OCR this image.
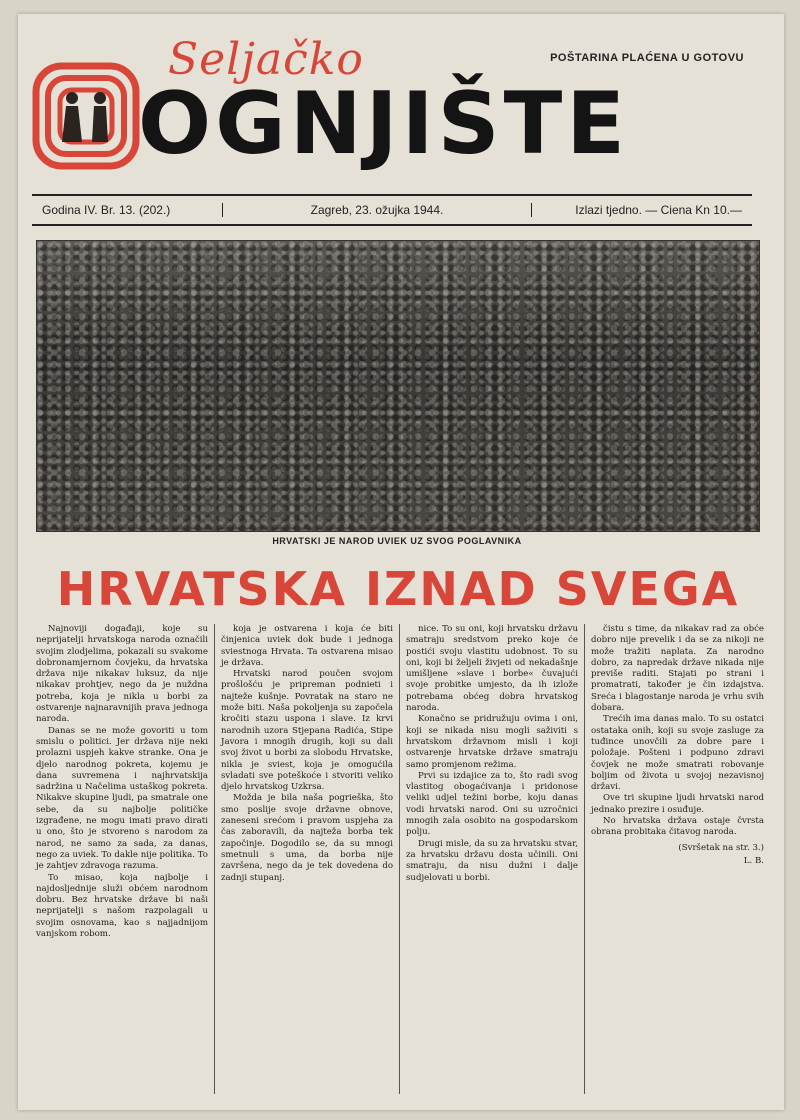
Seljačko	POŠTARINA PLAĆENA U GOTOVU
OGNJIŠTE
Godina IV. Br. 13. (202.)	Zagreb, 23. ožujka 1944.	Izlazi tjedno. — Ciena Kn 10.—
HRVATSKI JE NAROD UVIEK UZ SVOG POGLAVNIKA
HRVATSKA IZNAD SVEGA

Najnoviji događaji, koje su neprijatelji hrvatskoga naroda označili svojim zlodjelima, pokazali su svakome dobronamjernom čovjeku, da hrvatska država nije nikakav luksuz, da nije nikakav prohtjev, nego da je nuždna potreba, koja je nikla u borbi za ostvarenje najnaravnijih prava jednoga naroda.

Danas se ne može govoriti u tom smislu o politici. Jer država nije neki prolazni uspjeh kakve stranke. Ona je djelo narodnog pokreta, kojemu je dana suvremena i najhrvatskija sadržina u Načelima ustaškog pokreta. Nikakve skupine ljudi, pa smatrale one sebe, da su najbolje političke izgrađene, ne mogu imati pravo dirati u ono, što je stvoreno s narodom za narod, ne samo za sada, za danas, nego za uviek. To dakle nije politika. To je zahtjev zdravoga razuma.

To misao, koja najbolje i najdosljednije služi obćem narodnom dobru. Bez hrvatske države bi naši neprijatelji s našom razpolagali u svojim osnovama, kao s najjadnijom vanjskom robom.

koja je ostvarena i koja će biti činjenica uviek dok bude i jednoga sviestnoga Hrvata. Ta ostvarena misao je država.

Hrvatski narod poučen svojom prošlošću je pripreman podnieti i najteže kušnje. Povratak na staro ne može biti. Naša pokoljenja su započela kročiti stazu uspona i slave. Iz krvi narodnih uzora Stjepana Radića, Stipe Javora i mnogih drugih, koji su dali svoj život u borbi za slobodu Hrvatske, nikla je sviest, koja je omogućila svladati sve poteškoće i stvoriti veliko djelo hrvatskog Uzkrsa.

Možda je bila naša pogrieška, što smo poslije svoje državne obnove, zaneseni srećom i pravom uspjeha za čas zaboravili, da najteža borba tek započinje. Dogodilo se, da su mnogi smetnuli s uma, da borba nije završena, nego da je tek dovedena do zadnji stupanj.

nice. To su oni, koji hrvatsku državu smatraju sredstvom preko koje će postići svoju vlastitu udobnost. To su oni, koji bi željeli živjeti od nekadašnje umišljene »slave i borbe« čuvajući svoje probitke umjesto, da ih izlože potrebama obćeg dobra hrvatskog naroda.

Konačno se pridružuju ovima i oni, koji se nikada nisu mogli saživiti s hrvatskom državnom misli i koji ostvarenje hrvatske države smatraju samo promjenom režima.

Prvi su izdajice za to, što radi svog vlastitog obogaćivanja i pridonose veliki udjel težini borbe, koju danas vodi hrvatski narod. Oni su uzročnici mnogih zala osobito na gospodarskom polju.

Drugi misle, da su za hrvatsku stvar, za hrvatsku državu dosta učinili. Oni smatraju, da nisu dužni i dalje sudjelovati u borbi.

čistu s time, da nikakav rad za obće dobro nije prevelik i da se za nikoji ne može tražiti naplata. Za narodno dobro, za napredak države nikada nije previše raditi. Stajati po strani i promatrati, također je čin izdajstva. Sreća i blagostanje naroda je vrhu svih dobara.

Trećih ima danas malo. To su ostatci ostataka onih, koji su svoje zasluge za tuđince unovčili za dobre pare i položaje. Pošteni i podpuno zdravi čovjek ne može smatrati robovanje boljim od života u svojoj nezavisnoj državi.

Ove tri skupine ljudi hrvatski narod jednako prezire i osuđuje.

No hrvatska država ostaje čvrsta obrana probitaka čitavog naroda.

(Svršetak na str. 3.)

L. B.
